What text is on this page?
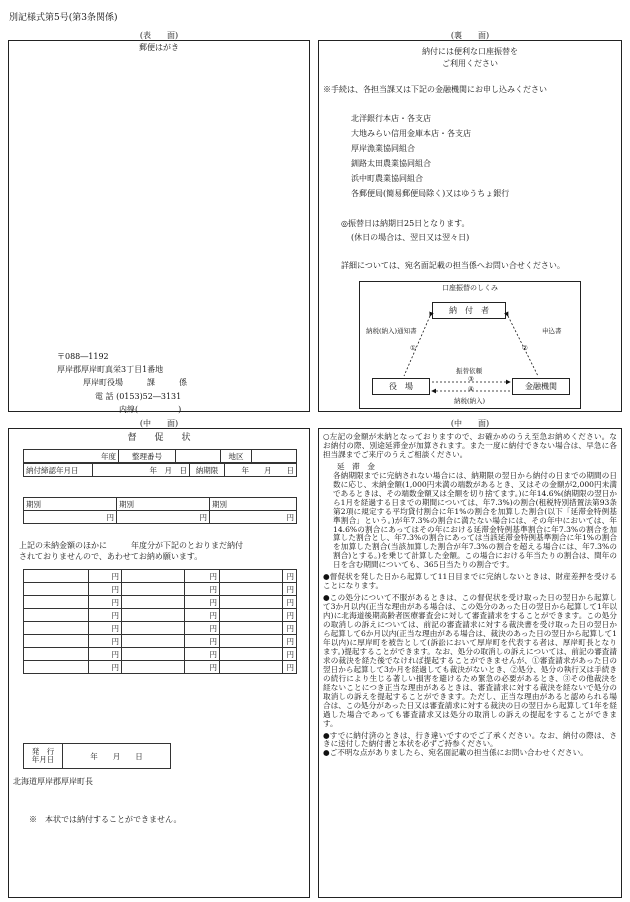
別記様式第5号(第3条関係)
(表　　面)
郵便はがき
〒088―1192
厚岸郡厚岸町真栄3丁目1番地
厚岸町役場　　　課　　　係
電 話 (0153)52―3131
内線(　　　　　)
(裏　　面)
納付には便利な口座振替を
ご利用ください
※手続は、各担当課又は下記の金融機関にお申し込みください
北洋銀行本店・各支店
大地みらい信用金庫本店・各支店
厚岸漁業協同組合
釧路太田農業協同組合
浜中町農業協同組合
各郵便局(簡易郵便局除く)又はゆうちょ銀行
◎振替日は納期日25日となります。
(休日の場合は、翌日又は翌々日)
詳細については、宛名面記載の担当係へお問い合せください。
口座振替のしくみ
納　付　者
役　場	金融機関
納税(納入)通知書	申込書
①	②
振替依頼
③
④
納税(納入)
(中　　面)
督　　促　　状
年度	整理番号		地区	
納付締認年月日	年　月　日	納期限	年　　月　　日
期別	期別	期別
円	円	円
上記の未納金額のほかに　　　年度分が下記のとおりまだ納付
されておりませんので、あわせてお納め願います。
	円		円		円
	円		円		円
	円		円		円
	円		円		円
	円		円		円
	円		円		円
	円		円		円
	円		円		円
発　行
年月日	年　　月　　日
北海道厚岸郡厚岸町長
※　本状では納付することができません。
(中　　面)
○左記の金額が未納となっておりますので、お確かめのうえ至急お納めください。なお納付の際、別途延滞金が加算されます。また一度に納付できない場合は、早急に各担当課までご来庁のうえご相談ください。
延　滞　金
各納期限までに完納されない場合には、納期限の翌日から納付の日までの期間の日数に応じ、未納金額(1,000円未満の端数があるとき、又はその金額が2,000円未満であるときは、その端数金額又は全額を切り捨てます。)に年14.6%(納期限の翌日から1月を経過する日までの期間については、年7.3%)の割合(租税特別措置法第93条第2項に規定する平均貸付割合に年1%の割合を加算した割合(以下「延滞金特例基準割合」という。)が年7.3%の割合に満たない場合には、その年中においては、年14.6%の割合にあってはその年における延滞金特例基準割合に年7.3%の割合を加算した割合とし、年7.3%の割合にあっては当該延滞金特例基準割合に年1%の割合を加算した割合(当該加算した割合が年7.3%の割合を超える場合には、年7.3%の割合)とする。)を乗じて計算した金額。この場合における年当たりの割合は、閏年の日を含む期間についても、365日当たりの割合です。
●督促状を発した日から起算して11日目までに完納しないときは、財産差押を受けることになります。
●この処分について不服があるときは、この督促状を受け取った日の翌日から起算して3か月以内(正当な理由がある場合は、この処分のあった日の翌日から起算して1年以内)に北海道後期高齢者医療審査会に対して審査請求をすることができます。この処分の取消しの訴えについては、前記の審査請求に対する裁決書を受け取った日の翌日から起算して6か月以内(正当な理由がある場合は、裁決のあった日の翌日から起算して1年以内)に厚岸町を被告として(訴訟において厚岸町を代表する者は、厚岸町長となります。)提起することができます。なお、処分の取消しの訴えについては、前記の審査請求の裁決を経た後でなければ提起することができませんが、①審査請求があった日の翌日から起算して3か月を経過しても裁決がないとき、②処分、処分の執行又は手続きの続行により生じる著しい損害を避けるため緊急の必要があるとき、③その他裁決を経ないことにつき正当な理由があるときは、審査請求に対する裁決を経ないで処分の取消しの訴えを提起することができます。ただし、正当な理由があると認められる場合は、この処分があった日又は審査請求に対する裁決の日の翌日から起算して1年を経過した場合であっても審査請求又は処分の取消しの訴えの提起をすることができます。
●すでに納付済のときは、行き違いですのでご了承ください。なお、納付の際は、さきに送付した納付書と本状を必ずご持参ください。
●ご不明な点がありましたら、宛名面記載の担当係にお問い合わせください。
